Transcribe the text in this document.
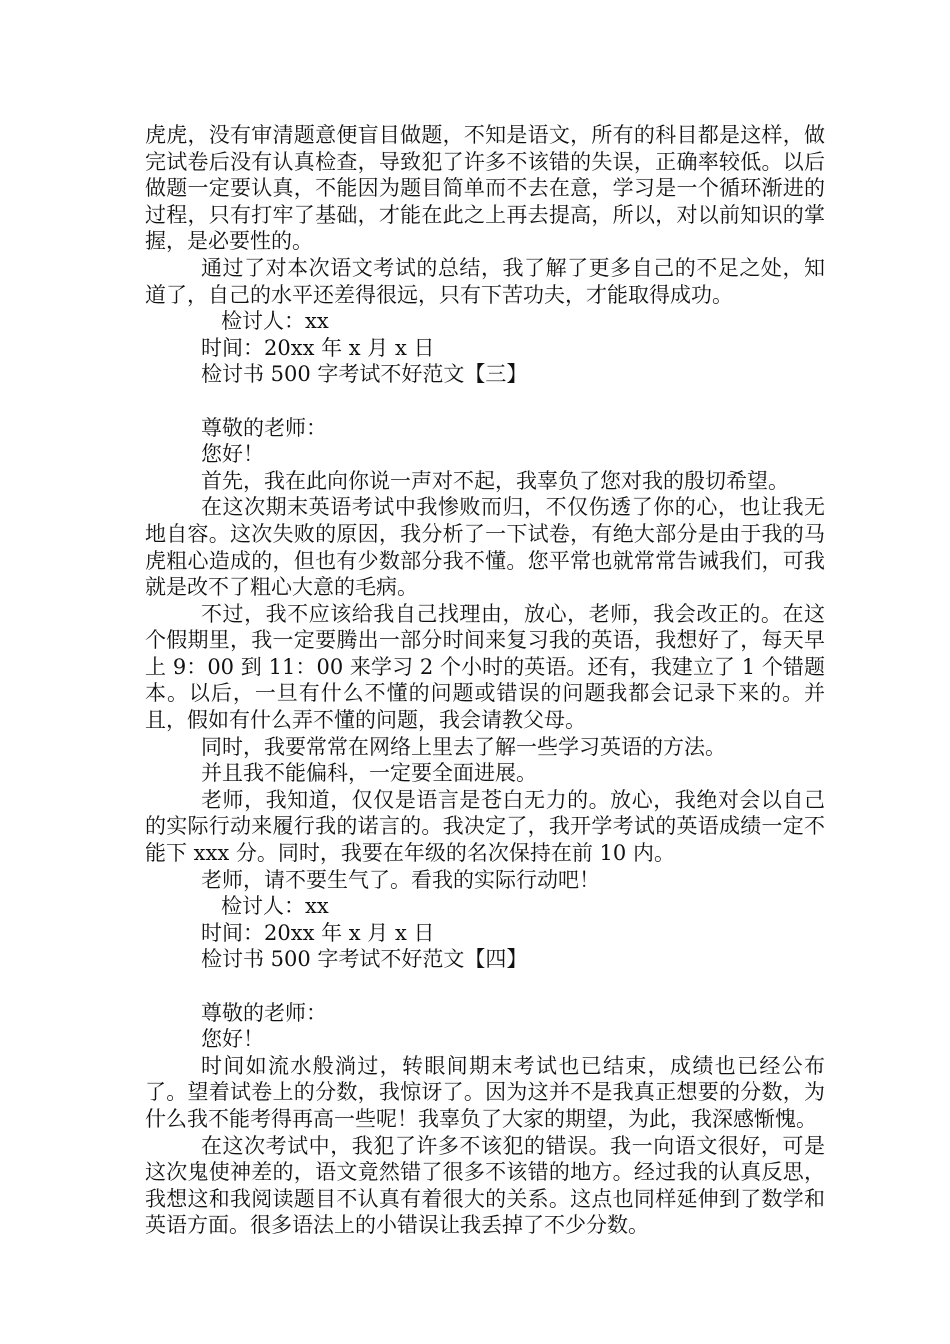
虎虎，没有审清题意便盲目做题，不知是语文，所有的科目都是这样，做完试卷后没有认真检查，导致犯了许多不该错的失误，正确率较低。以后做题一定要认真，不能因为题目简单而不去在意，学习是一个循环渐进的过程，只有打牢了基础，才能在此之上再去提高，所以，对以前知识的掌握，是必要性的。

通过了对本次语文考试的总结，我了解了更多自己的不足之处，知道了，自己的水平还差得很远，只有下苦功夫，才能取得成功。

检讨人：xx

时间：20xx 年 x 月 x 日

检讨书 500 字考试不好范文【三】

尊敬的老师：

您好！

首先，我在此向你说一声对不起，我辜负了您对我的殷切希望。

在这次期末英语考试中我惨败而归，不仅伤透了你的心，也让我无地自容。这次失败的原因，我分析了一下试卷，有绝大部分是由于我的马虎粗心造成的，但也有少数部分我不懂。您平常也就常常告诫我们，可我就是改不了粗心大意的毛病。

不过，我不应该给我自己找理由，放心，老师，我会改正的。在这个假期里，我一定要腾出一部分时间来复习我的英语，我想好了，每天早上 9：00 到 11：00 来学习 2 个小时的英语。还有，我建立了 1 个错题本。以后，一旦有什么不懂的问题或错误的问题我都会记录下来的。并且，假如有什么弄不懂的问题，我会请教父母。

同时，我要常常在网络上里去了解一些学习英语的方法。

并且我不能偏科，一定要全面进展。

老师，我知道，仅仅是语言是苍白无力的。放心，我绝对会以自己的实际行动来履行我的诺言的。我决定了，我开学考试的英语成绩一定不能下 xxx 分。同时，我要在年级的名次保持在前 10 内。

老师，请不要生气了。看我的实际行动吧！

检讨人：xx

时间：20xx 年 x 月 x 日

检讨书 500 字考试不好范文【四】

尊敬的老师：

您好！

时间如流水般淌过，转眼间期末考试也已结束，成绩也已经公布了。望着试卷上的分数，我惊讶了。因为这并不是我真正想要的分数，为什么我不能考得再高一些呢！我辜负了大家的期望，为此，我深感惭愧。

在这次考试中，我犯了许多不该犯的错误。我一向语文很好，可是这次鬼使神差的，语文竟然错了很多不该错的地方。经过我的认真反思，我想这和我阅读题目不认真有着很大的关系。这点也同样延伸到了数学和英语方面。很多语法上的小错误让我丢掉了不少分数。
